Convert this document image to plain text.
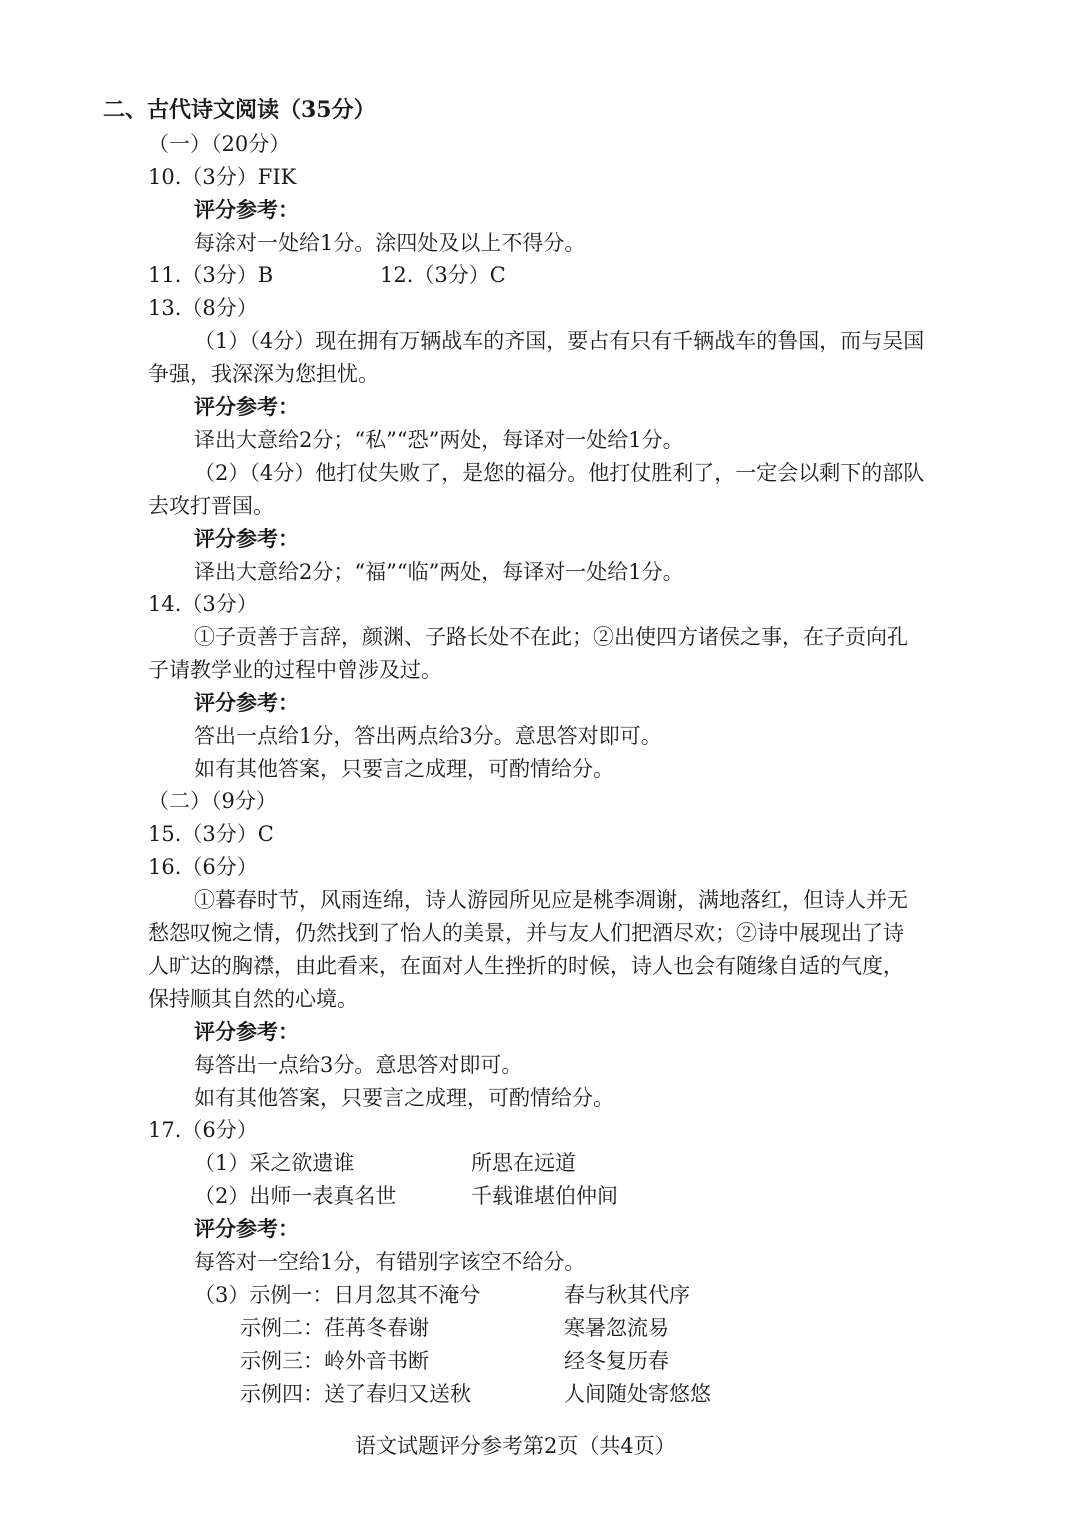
二、古代诗文阅读（35分）
（一）（20分）
10.（3分）FIK
评分参考：
每涂对一处给1分。涂四处及以上不得分。
11.（3分）B	12.（3分）C
13.（8分）
（1）（4分）现在拥有万辆战车的齐国，要占有只有千辆战车的鲁国，而与吴国
争强，我深深为您担忧。
评分参考：
译出大意给2分；“私”“恐”两处，每译对一处给1分。
（2）（4分）他打仗失败了，是您的福分。他打仗胜利了，一定会以剩下的部队
去攻打晋国。
评分参考：
译出大意给2分；“福”“临”两处，每译对一处给1分。
14.（3分）
①子贡善于言辞，颜渊、子路长处不在此；②出使四方诸侯之事，在子贡向孔
子请教学业的过程中曾涉及过。
评分参考：
答出一点给1分，答出两点给3分。意思答对即可。
如有其他答案，只要言之成理，可酌情给分。
（二）（9分）
15.（3分）C
16.（6分）
①暮春时节，风雨连绵，诗人游园所见应是桃李凋谢，满地落红，但诗人并无
愁怨叹惋之情，仍然找到了怡人的美景，并与友人们把酒尽欢；②诗中展现出了诗
人旷达的胸襟，由此看来，在面对人生挫折的时候，诗人也会有随缘自适的气度，
保持顺其自然的心境。
评分参考：
每答出一点给3分。意思答对即可。
如有其他答案，只要言之成理，可酌情给分。
17.（6分）
（1）采之欲遗谁	所思在远道
（2）出师一表真名世	千载谁堪伯仲间
评分参考：
每答对一空给1分，有错别字该空不给分。
（3）示例一：日月忽其不淹兮	春与秋其代序
示例二：荏苒冬春谢	寒暑忽流易
示例三：岭外音书断	经冬复历春
示例四：送了春归又送秋	人间随处寄悠悠
语文试题评分参考第2页（共4页）
